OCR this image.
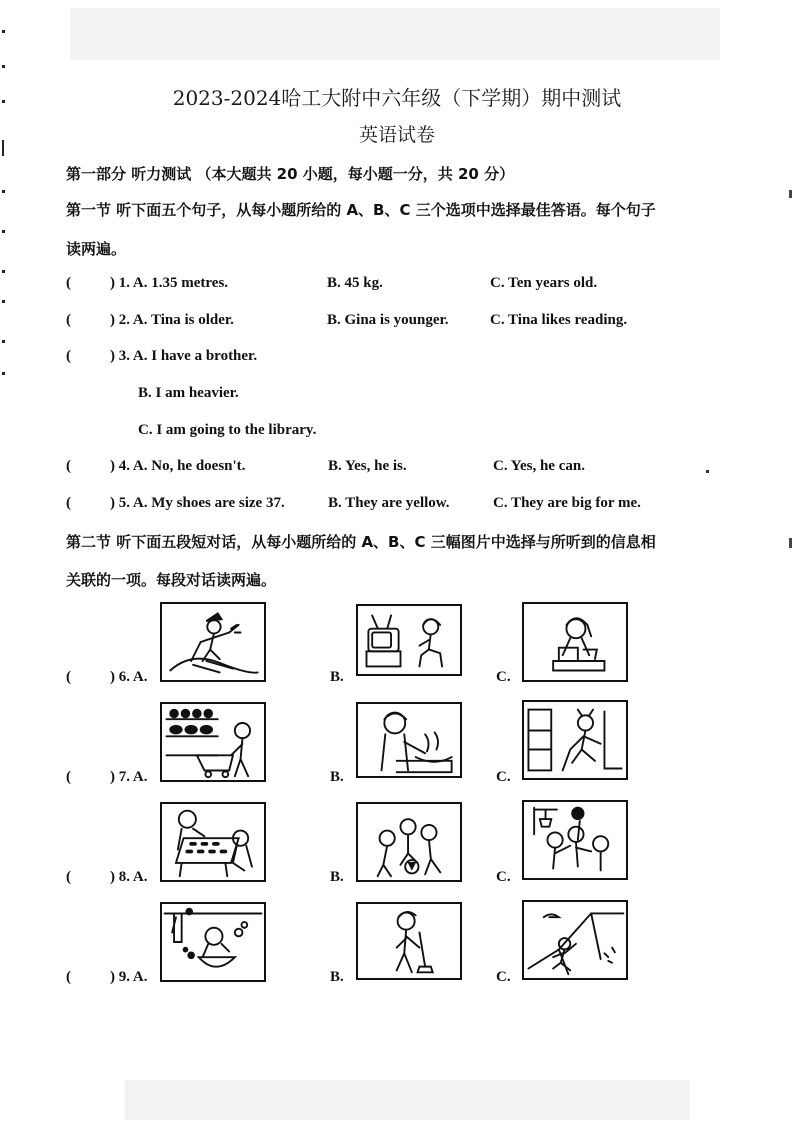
2023-2024哈工大附中六年级（下学期）期中测试
英语试卷
第一部分 听力测试 （本大题共 20 小题，每小题一分，共 20 分）
第一节 听下面五个句子，从每小题所给的 A、B、C 三个选项中选择最佳答语。每个句子
读两遍。
(	) 1. A. 1.35 metres.	B. 45 kg.	C. Ten years old.
(	) 2. A. Tina is older.	B. Gina is younger.	C. Tina likes reading.
(	) 3. A. I have a brother.
B. I am heavier.
C. I am going to the library.
(	) 4. A. No, he doesn't.	B. Yes, he is.	C. Yes, he can.
(	) 5. A. My shoes are size 37.	B. They are yellow.	C. They are big for me.
第二节 听下面五段短对话，从每小题所给的 A、B、C 三幅图片中选择与所听到的信息相
关联的一项。每段对话读两遍。
(	) 6. A.	B.	C.
(	) 7. A.	B.	C.
(	) 8. A.	B.	C.
(	) 9. A.	B.	C.
